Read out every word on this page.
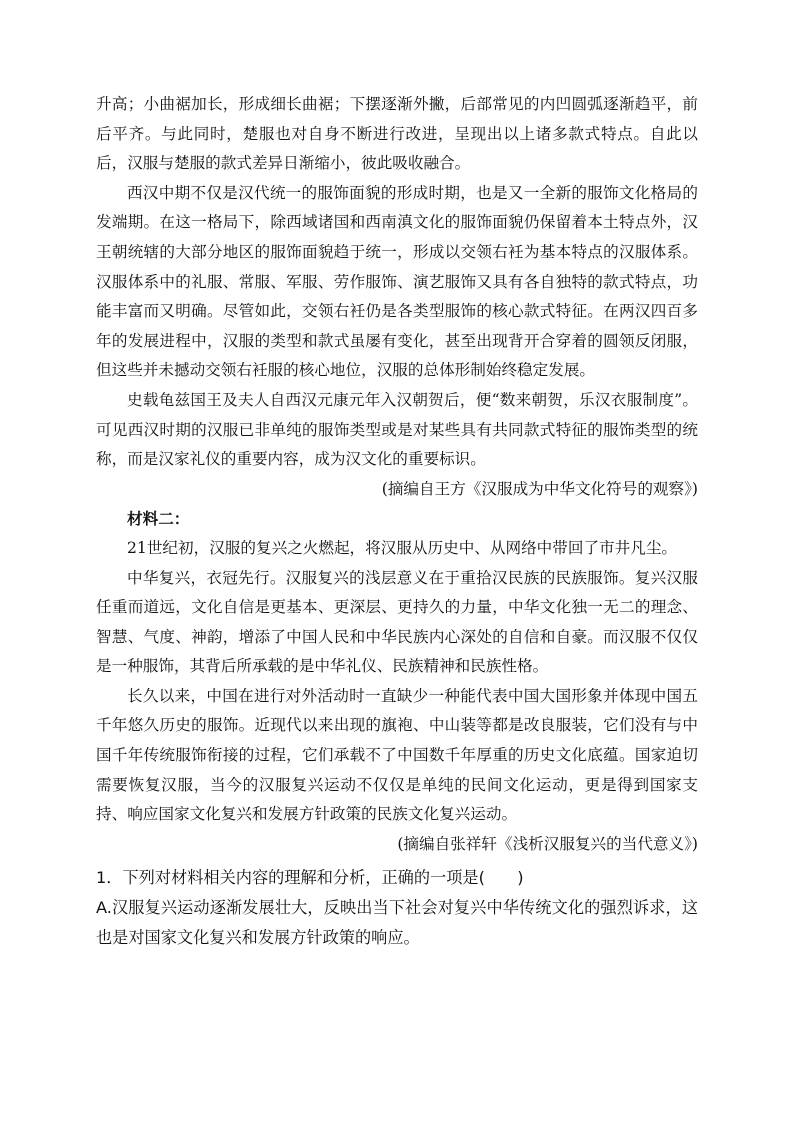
升高；小曲裾加长，形成细长曲裾；下摆逐渐外撇，后部常见的内凹圆弧逐渐趋平，前后平齐。与此同时，楚服也对自身不断进行改进，呈现出以上诸多款式特点。自此以后，汉服与楚服的款式差异日渐缩小，彼此吸收融合。

西汉中期不仅是汉代统一的服饰面貌的形成时期，也是又一全新的服饰文化格局的发端期。在这一格局下，除西域诸国和西南滇文化的服饰面貌仍保留着本土特点外，汉王朝统辖的大部分地区的服饰面貌趋于统一，形成以交领右衽为基本特点的汉服体系。汉服体系中的礼服、常服、军服、劳作服饰、演艺服饰又具有各自独特的款式特点，功能丰富而又明确。尽管如此，交领右衽仍是各类型服饰的核心款式特征。在两汉四百多年的发展进程中，汉服的类型和款式虽屡有变化，甚至出现背开合穿着的圆领反闭服，但这些并未撼动交领右衽服的核心地位，汉服的总体形制始终稳定发展。

史载龟兹国王及夫人自西汉元康元年入汉朝贺后，便“数来朝贺，乐汉衣服制度”。可见西汉时期的汉服已非单纯的服饰类型或是对某些具有共同款式特征的服饰类型的统称，而是汉家礼仪的重要内容，成为汉文化的重要标识。

(摘编自王方《汉服成为中华文化符号的观察》)

材料二：

21世纪初，汉服的复兴之火燃起，将汉服从历史中、从网络中带回了市井凡尘。

中华复兴，衣冠先行。汉服复兴的浅层意义在于重拾汉民族的民族服饰。复兴汉服任重而道远，文化自信是更基本、更深层、更持久的力量，中华文化独一无二的理念、智慧、气度、神韵，增添了中国人民和中华民族内心深处的自信和自豪。而汉服不仅仅是一种服饰，其背后所承载的是中华礼仪、民族精神和民族性格。

长久以来，中国在进行对外活动时一直缺少一种能代表中国大国形象并体现中国五千年悠久历史的服饰。近现代以来出现的旗袍、中山装等都是改良服装，它们没有与中国千年传统服饰衔接的过程，它们承载不了中国数千年厚重的历史文化底蕴。国家迫切需要恢复汉服，当今的汉服复兴运动不仅仅是单纯的民间文化运动，更是得到国家支持、响应国家文化复兴和发展方针政策的民族文化复兴运动。

(摘编自张祥轩《浅析汉服复兴的当代意义》)

1．下列对材料相关内容的理解和分析，正确的一项是(　　)

A.汉服复兴运动逐渐发展壮大，反映出当下社会对复兴中华传统文化的强烈诉求，这也是对国家文化复兴和发展方针政策的响应。
